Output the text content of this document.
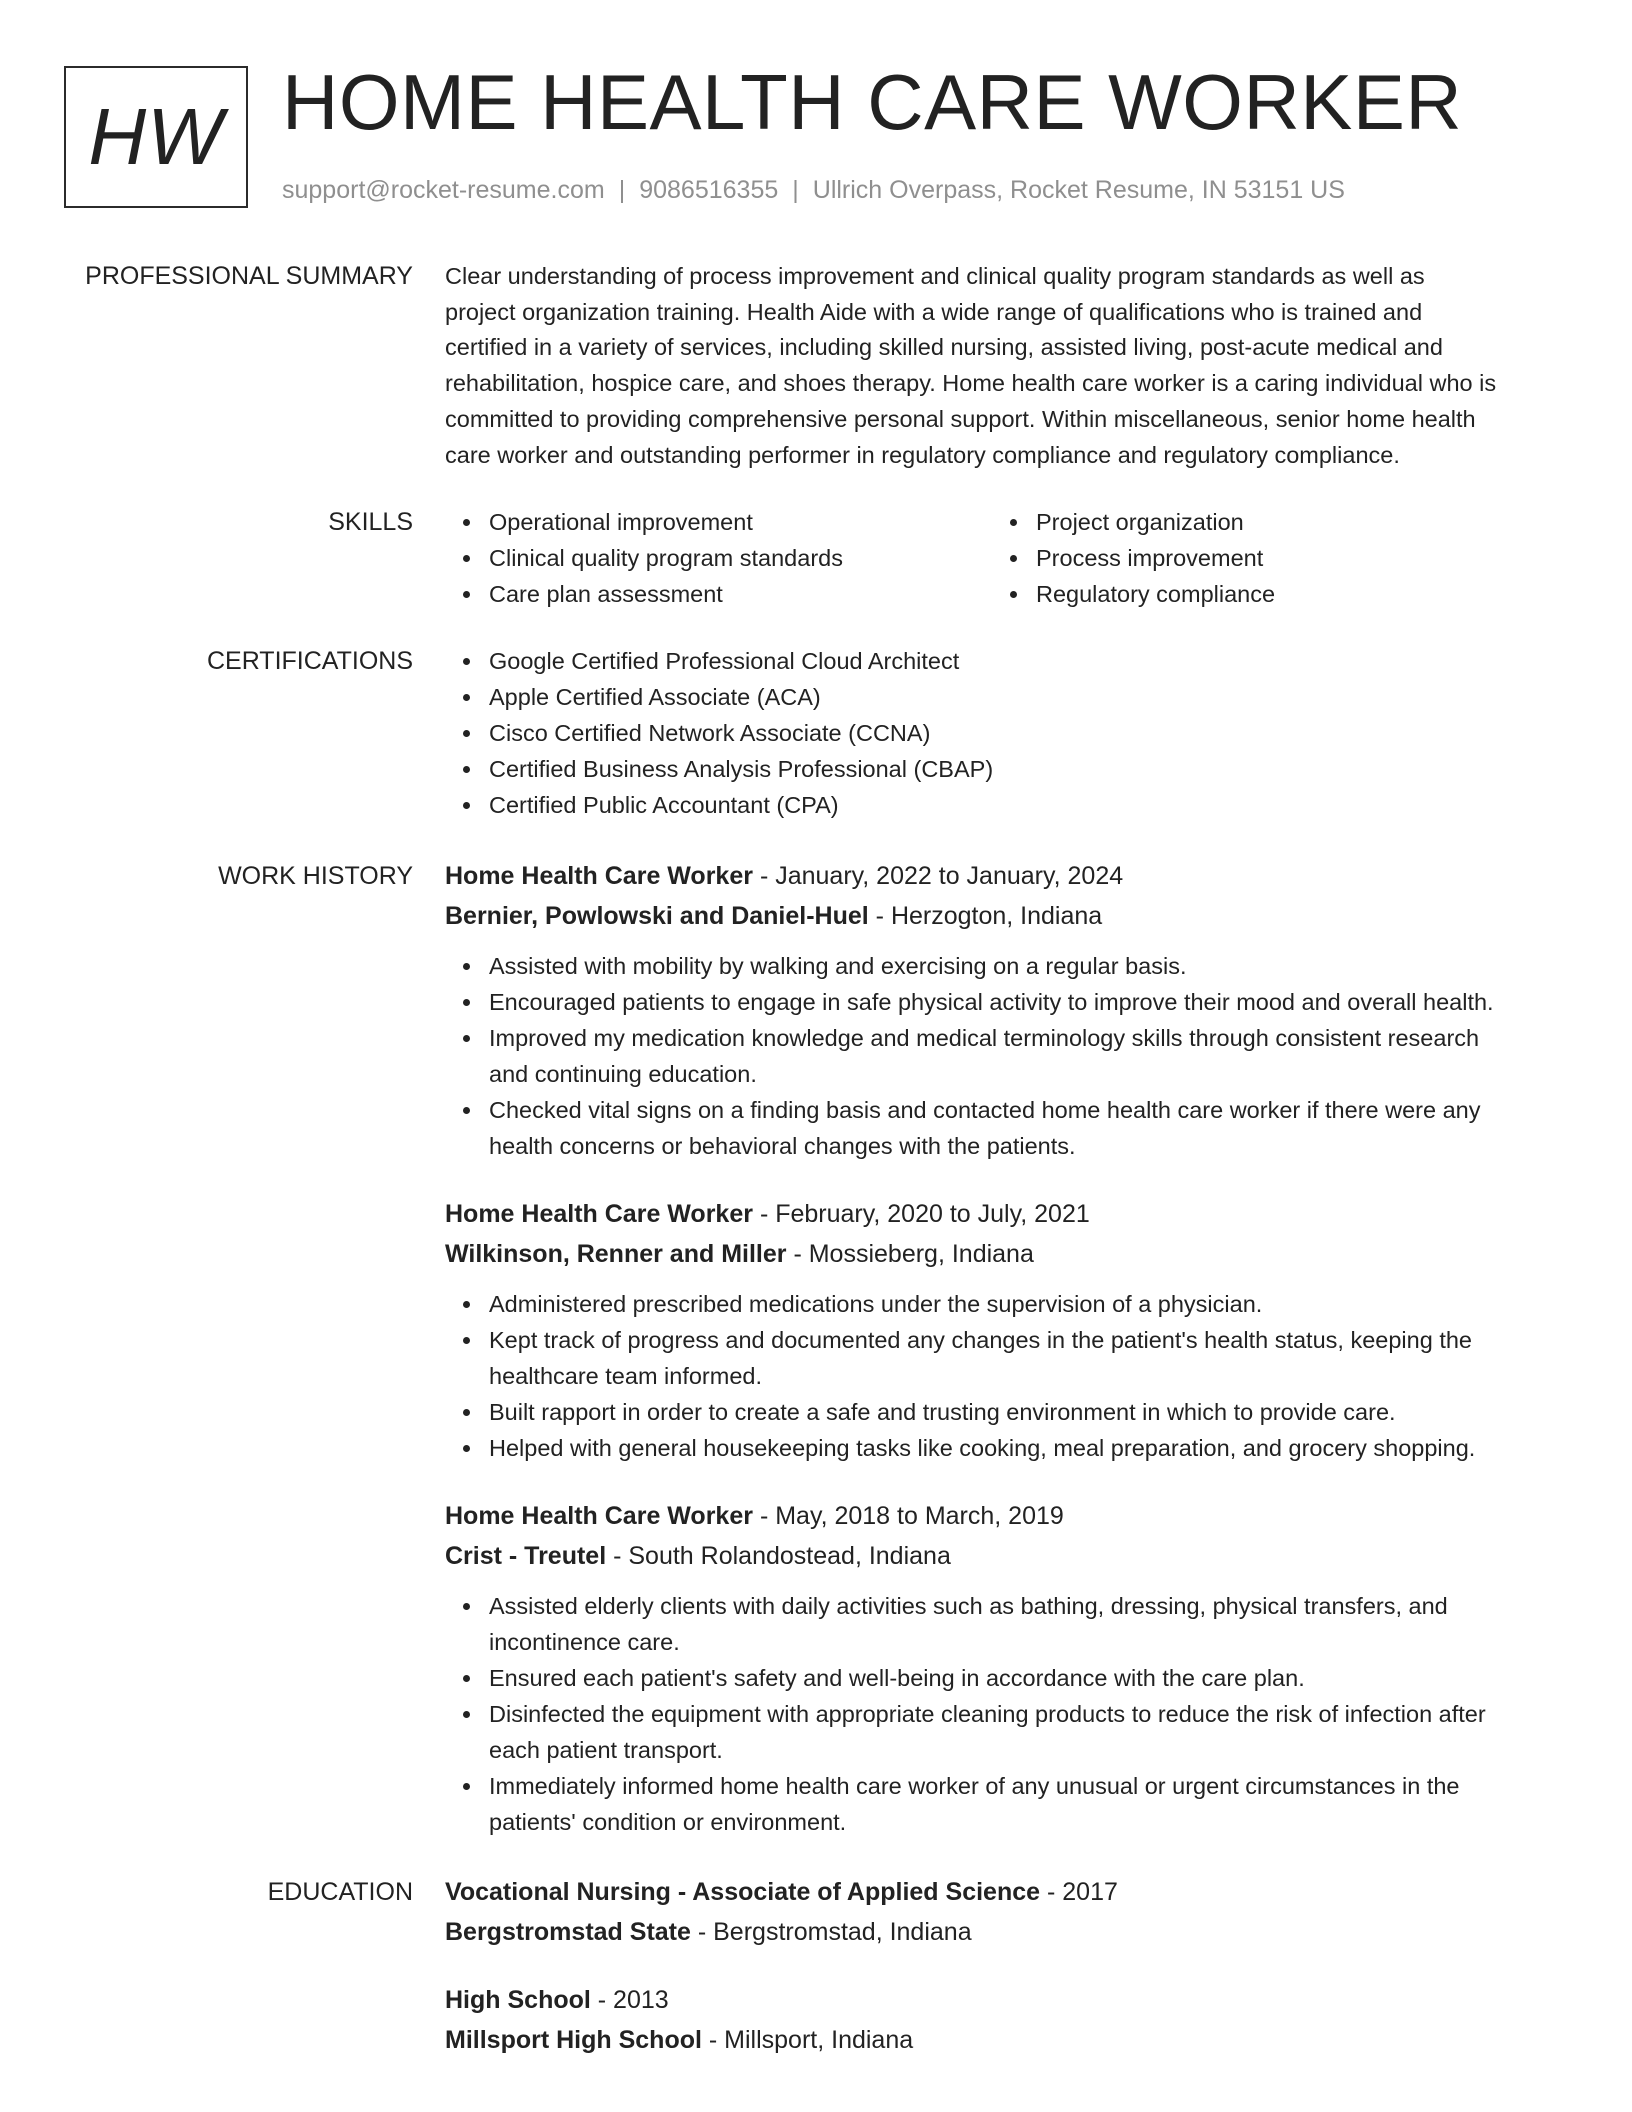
HW HOME HEALTH CARE WORKER
support@rocket-resume.com | 9086516355 | Ullrich Overpass, Rocket Resume, IN 53151 US
PROFESSIONAL SUMMARY Clear understanding of process improvement and clinical quality program standards as well as

project organization training. Health Aide with a wide range of qualifications who is trained and

certified in a variety of services, including skilled nursing, assisted living, post-acute medical and

rehabilitation, hospice care, and shoes therapy. Home health care worker is a caring individual who is

committed to providing comprehensive personal support. Within miscellaneous, senior home health

care worker and outstanding performer in regulatory compliance and regulatory compliance.

SKILLS	Operational improvement
Clinical quality program standards
Care plan assessment
Project organization
Process improvement
Regulatory compliance
CERTIFICATIONS	Google Certified Professional Cloud Architect
Apple Certified Associate (ACA)
Cisco Certified Network Associate (CCNA)
Certified Business Analysis Professional (CBAP)
Certified Public Accountant (CPA)
WORK HISTORY Home Health Care Worker - January, 2022 to January, 2024
Bernier, Powlowski and Daniel-Huel - Herzogton, Indiana
Assisted with mobility by walking and exercising on a regular basis.
Encouraged patients to engage in safe physical activity to improve their mood and overall health.
Improved my medication knowledge and medical terminology skills through consistent research
and continuing education.
Checked vital signs on a finding basis and contacted home health care worker if there were any
health concerns or behavioral changes with the patients.
Home Health Care Worker - February, 2020 to July, 2021
Wilkinson, Renner and Miller - Mossieberg, Indiana
Administered prescribed medications under the supervision of a physician.
Kept track of progress and documented any changes in the patient's health status, keeping the
healthcare team informed.
Built rapport in order to create a safe and trusting environment in which to provide care.
Helped with general housekeeping tasks like cooking, meal preparation, and grocery shopping.
Home Health Care Worker - May, 2018 to March, 2019
Crist - Treutel - South Rolandostead, Indiana
Assisted elderly clients with daily activities such as bathing, dressing, physical transfers, and
incontinence care.
Ensured each patient's safety and well-being in accordance with the care plan.
Disinfected the equipment with appropriate cleaning products to reduce the risk of infection after
each patient transport.
Immediately informed home health care worker of any unusual or urgent circumstances in the
patients' condition or environment.
EDUCATION Vocational Nursing - Associate of Applied Science - 2017
Bergstromstad State - Bergstromstad, Indiana
High School - 2013
Millsport High School - Millsport, Indiana
